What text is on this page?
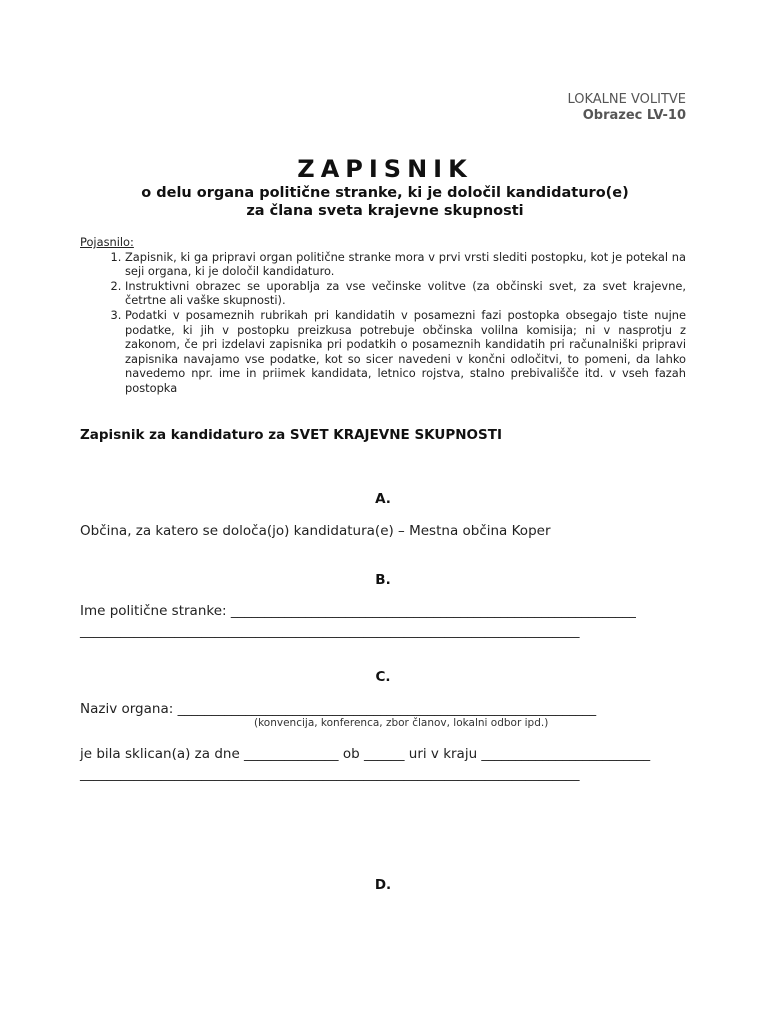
LOKALNE VOLITVE
Obrazec LV-10
ZAPISNIK
o delu organa politične stranke, ki je določil kandidaturo(e)
za člana sveta krajevne skupnosti
Pojasnilo:
1. Zapisnik, ki ga pripravi organ politične stranke mora v prvi vrsti slediti postopku, kot je potekal na seji organa, ki je določil kandidaturo.
2. Instruktivni obrazec se uporablja za vse večinske volitve (za občinski svet, za svet krajevne, četrtne ali vaške skupnosti).
3. Podatki v posameznih rubrikah pri kandidatih v posamezni fazi postopka obsegajo tiste nujne podatke, ki jih v postopku preizkusa potrebuje občinska volilna komisija; ni v nasprotju z zakonom, če pri izdelavi zapisnika pri podatkih o posameznih kandidatih pri računalniški pripravi zapisnika navajamo vse podatke, kot so sicer navedeni v končni odločitvi, to pomeni, da lahko navedemo npr. ime in priimek kandidata, letnico rojstva, stalno prebivališče itd. v vseh fazah postopka
Zapisnik za kandidaturo za SVET KRAJEVNE SKUPNOSTI
A.
Občina, za katero se določa(jo) kandidatura(e) – Mestna občina Koper
B.
Ime politične stranke: ____________________________________________________________
__________________________________________________________________________
C.
Naziv organa: ______________________________________________________________
(konvencija, konferenca, zbor članov, lokalni odbor ipd.)
je bila sklican(a) za dne ______________ ob ______ uri v kraju _________________________
__________________________________________________________________________
D.
